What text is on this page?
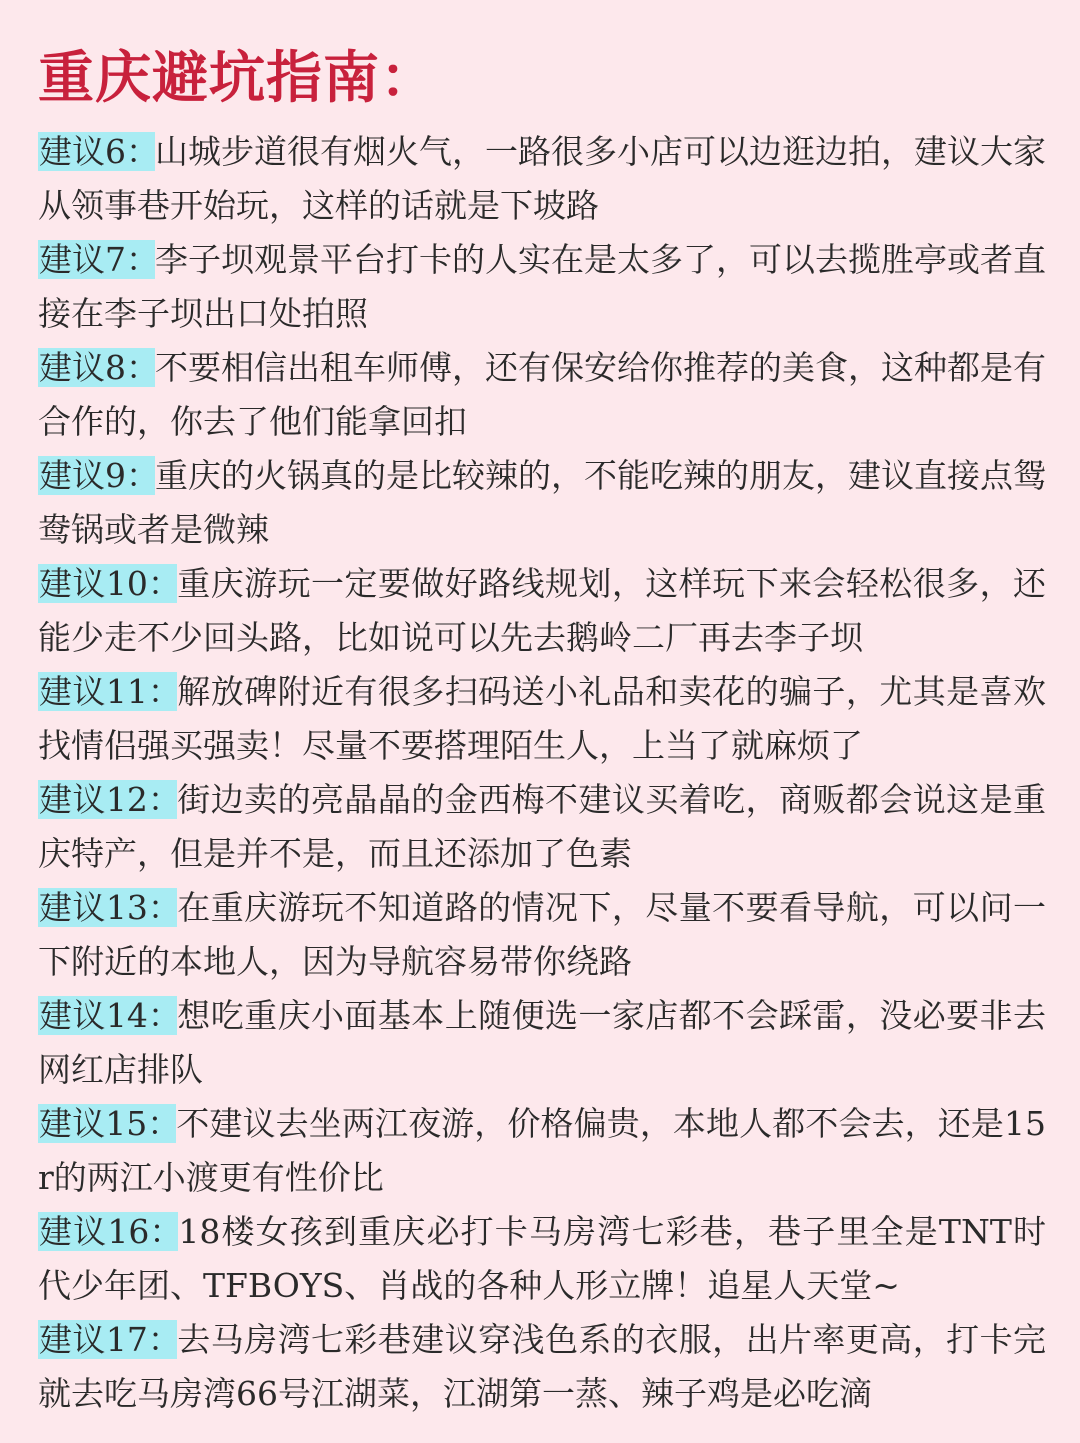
重庆避坑指南：

建议6：山城步道很有烟火气，一路很多小店可以边逛边拍，建议大家从领事巷开始玩，这样的话就是下坡路

建议7：李子坝观景平台打卡的人实在是太多了，可以去揽胜亭或者直接在李子坝出口处拍照

建议8：不要相信出租车师傅，还有保安给你推荐的美食，这种都是有合作的，你去了他们能拿回扣

建议9：重庆的火锅真的是比较辣的，不能吃辣的朋友，建议直接点鸳鸯锅或者是微辣

建议10：重庆游玩一定要做好路线规划，这样玩下来会轻松很多，还能少走不少回头路，比如说可以先去鹅岭二厂再去李子坝

建议11：解放碑附近有很多扫码送小礼品和卖花的骗子，尤其是喜欢找情侣强买强卖！尽量不要搭理陌生人，上当了就麻烦了

建议12：街边卖的亮晶晶的金西梅不建议买着吃，商贩都会说这是重庆特产，但是并不是，而且还添加了色素

建议13：在重庆游玩不知道路的情况下，尽量不要看导航，可以问一下附近的本地人，因为导航容易带你绕路

建议14：想吃重庆小面基本上随便选一家店都不会踩雷，没必要非去网红店排队

建议15：不建议去坐两江夜游，价格偏贵，本地人都不会去，还是15r的两江小渡更有性价比

建议16：18楼女孩到重庆必打卡马房湾七彩巷，巷子里全是TNT时代少年团、TFBOYS、肖战的各种人形立牌！追星人天堂~

建议17：去马房湾七彩巷建议穿浅色系的衣服，出片率更高，打卡完就去吃马房湾66号江湖菜，江湖第一蒸、辣子鸡是必吃滴
